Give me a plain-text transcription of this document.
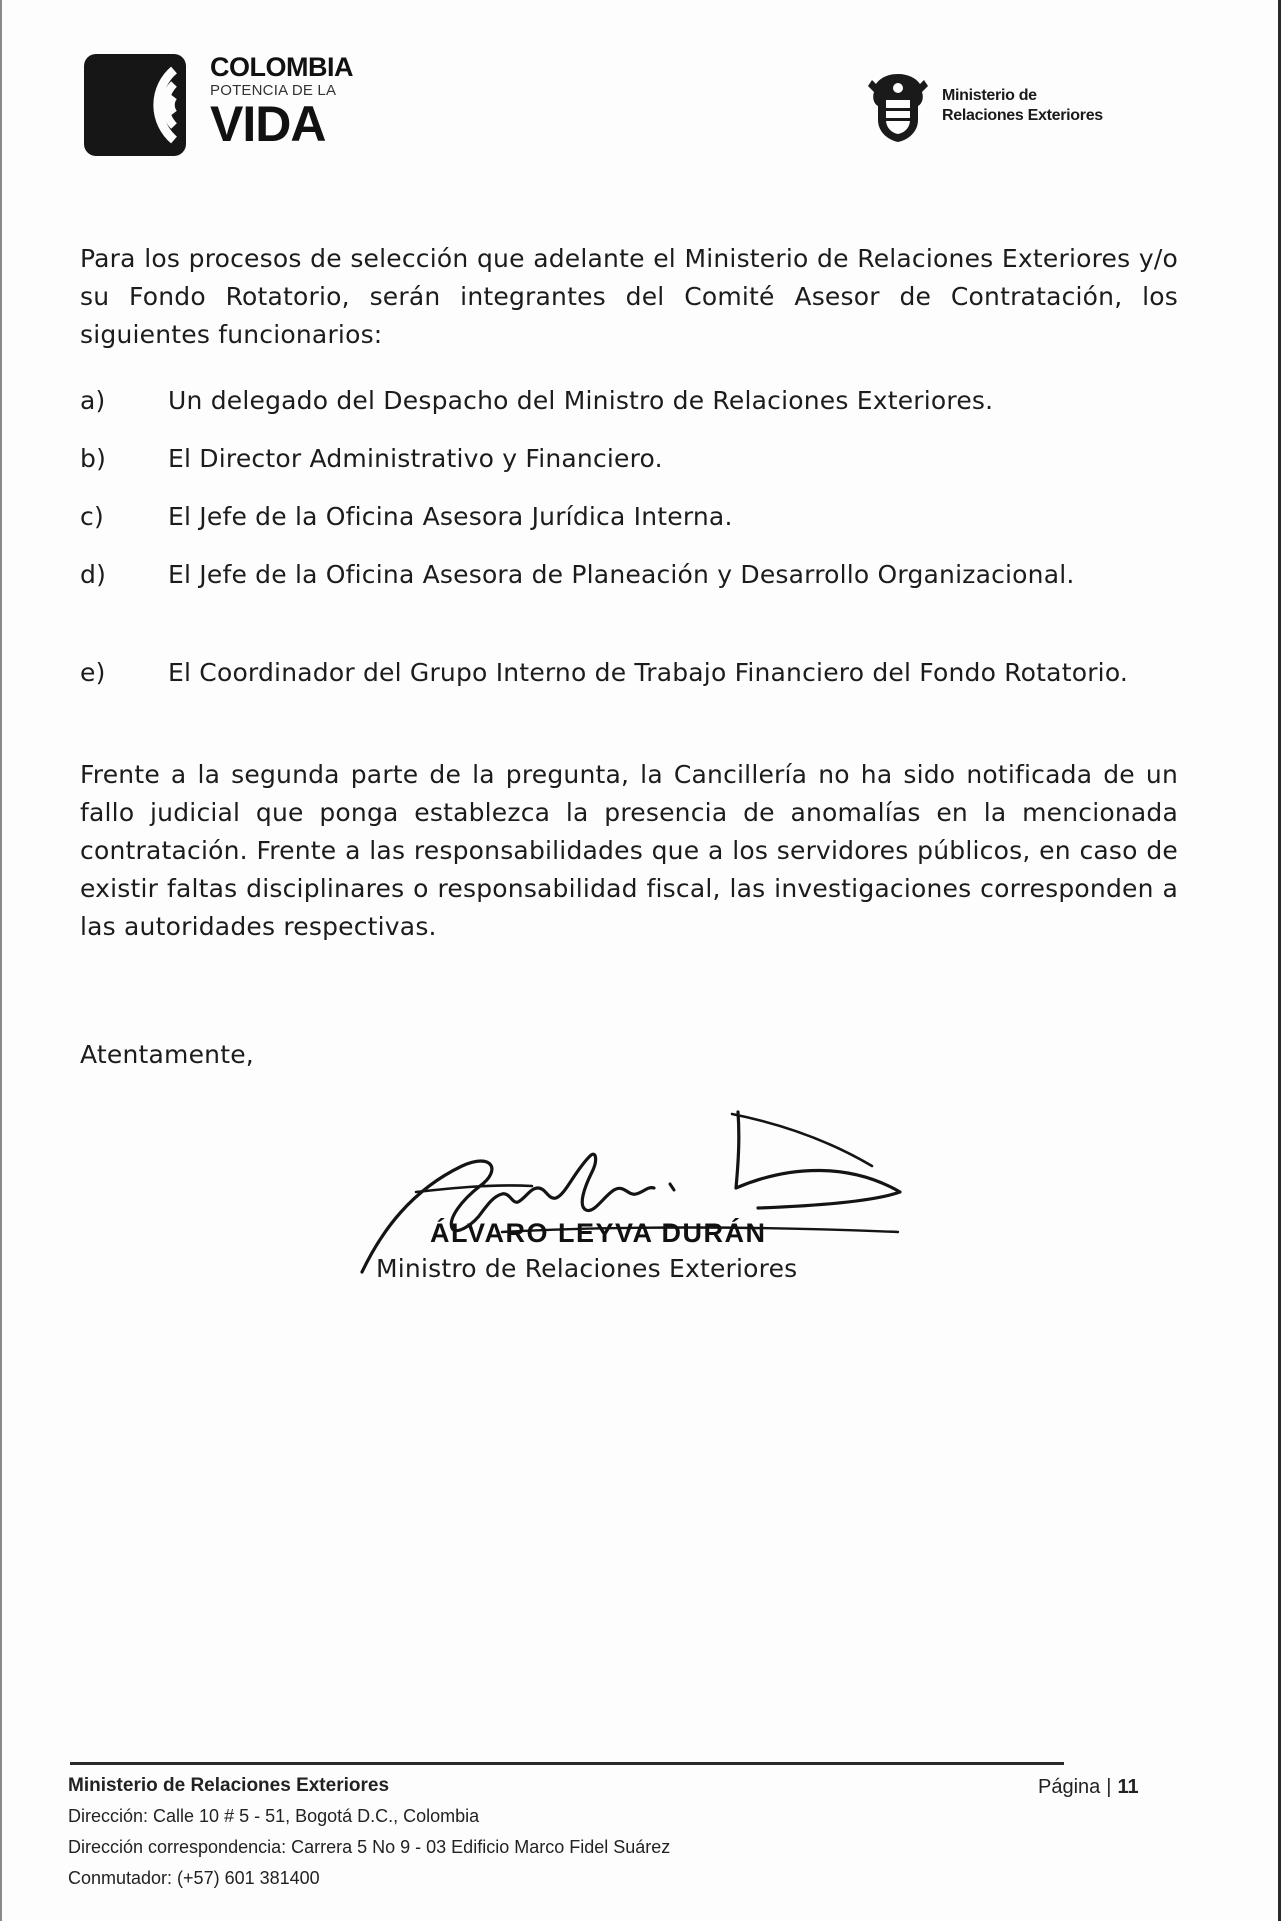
COLOMBIA
POTENCIA DE LA
VIDA
Ministerio de
Relaciones Exteriores

Para los procesos de selección que adelante el Ministerio de Relaciones Exteriores y/o su Fondo Rotatorio, serán integrantes del Comité Asesor de Contratación, los siguientes funcionarios:

a)	Un delegado del Despacho del Ministro de Relaciones Exteriores.
b) El Director Administrativo y Financiero.
c)	El Jefe de la Oficina Asesora Jurídica Interna.
d) El Jefe de la Oficina Asesora de Planeación y Desarrollo Organizacional.
e) El Coordinador del Grupo Interno de Trabajo Financiero del Fondo Rotatorio.

Frente a la segunda parte de la pregunta, la Cancillería no ha sido notificada de un fallo judicial que ponga establezca la presencia de anomalías en la mencionada contratación. Frente a las responsabilidades que a los servidores públicos, en caso de existir faltas disciplinares o responsabilidad fiscal, las investigaciones corresponden a las autoridades respectivas.

Atentamente,

ÁLVARO LEYVA DURÁN
Ministro de Relaciones Exteriores
Ministerio de Relaciones Exteriores
Dirección: Calle 10 # 5 - 51, Bogotá D.C., Colombia
Dirección correspondencia: Carrera 5 No 9 - 03 Edificio Marco Fidel Suárez
Conmutador: (+57) 601 381400
Página | 11
